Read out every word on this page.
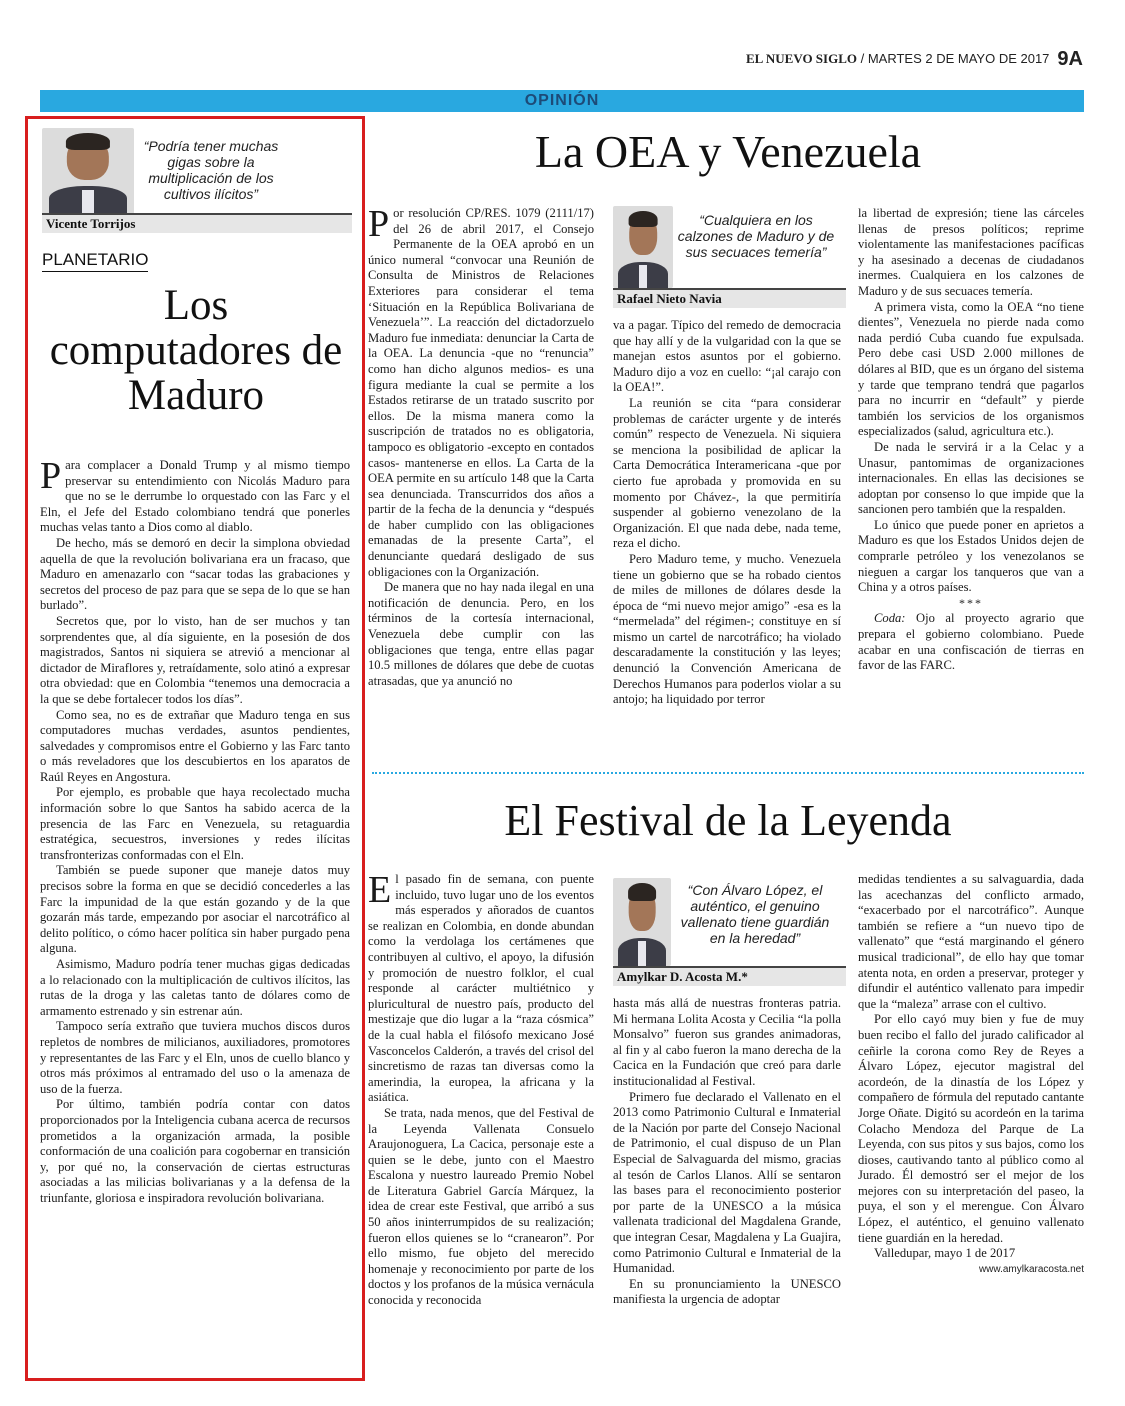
EL NUEVO SIGLO / MARTES 2 DE MAYO DE 2017 9A
OPINIÓN
“Podría tener muchas gigas sobre la multiplicación de los cultivos ilícitos”
Vicente Torrijos
PLANETARIO
Los computadores de Maduro

Para complacer a Donald Trump y al mismo tiempo preservar su entendimiento con Nicolás Maduro para que no se le derrumbe lo orquestado con las Farc y el Eln, el Jefe del Estado colombiano tendrá que ponerles muchas velas tanto a Dios como al diablo.

De hecho, más se demoró en decir la simplona obviedad aquella de que la revolución bolivariana era un fracaso, que Maduro en amenazarlo con “sacar todas las grabaciones y secretos del proceso de paz para que se sepa de lo que se han burlado”.

Secretos que, por lo visto, han de ser muchos y tan sorprendentes que, al día siguiente, en la posesión de dos magistrados, Santos ni siquiera se atrevió a mencionar al dictador de Miraflores y, retraídamente, solo atinó a expresar otra obviedad: que en Colombia “tenemos una democracia a la que se debe fortalecer todos los días”.

Como sea, no es de extrañar que Maduro tenga en sus computadores muchas verdades, asuntos pendientes, salvedades y compromisos entre el Gobierno y las Farc tanto o más reveladores que los descubiertos en los aparatos de Raúl Reyes en Angostura.

Por ejemplo, es probable que haya recolectado mucha información sobre lo que Santos ha sabido acerca de la presencia de las Farc en Venezuela, su retaguardia estratégica, secuestros, inversiones y redes ilícitas transfronterizas conformadas con el Eln.

También se puede suponer que maneje datos muy precisos sobre la forma en que se decidió concederles a las Farc la impunidad de la que están gozando y de la que gozarán más tarde, empezando por asociar el narcotráfico al delito político, o cómo hacer política sin haber purgado pena alguna.

Asimismo, Maduro podría tener muchas gigas dedicadas a lo relacionado con la multiplicación de cultivos ilícitos, las rutas de la droga y las caletas tanto de dólares como de armamento estrenado y sin estrenar aún.

Tampoco sería extraño que tuviera muchos discos duros repletos de nombres de milicianos, auxiliadores, promotores y representantes de las Farc y el Eln, unos de cuello blanco y otros más próximos al entramado del uso o la amenaza de uso de la fuerza.

Por último, también podría contar con datos proporcionados por la Inteligencia cubana acerca de recursos prometidos a la organización armada, la posible conformación de una coalición para cogobernar en transición y, por qué no, la conservación de ciertas estructuras asociadas a las milicias bolivarianas y a la defensa de la triunfante, gloriosa e inspiradora revolución bolivariana.

La OEA y Venezuela

Por resolución CP/RES. 1079 (2111/17) del 26 de abril 2017, el Consejo Permanente de la OEA aprobó en un único numeral “convocar una Reunión de Consulta de Ministros de Relaciones Exteriores para considerar el tema ‘Situación en la República Bolivariana de Venezuela’”. La reacción del dictadorzuelo Maduro fue inmediata: denunciar la Carta de la OEA. La denuncia -que no “renuncia” como han dicho algunos medios- es una figura mediante la cual se permite a los Estados retirarse de un tratado suscrito por ellos. De la misma manera como la suscripción de tratados no es obligatoria, tampoco es obligatorio -excepto en contados casos- mantenerse en ellos. La Carta de la OEA permite en su artículo 148 que la Carta sea denunciada. Transcurridos dos años a partir de la fecha de la denuncia y “después de haber cumplido con las obligaciones emanadas de la presente Carta”, el denunciante quedará desligado de sus obligaciones con la Organización.

De manera que no hay nada ilegal en una notificación de denuncia. Pero, en los términos de la cortesía internacional, Venezuela debe cumplir con las obligaciones que tenga, entre ellas pagar 10.5 millones de dólares que debe de cuotas atrasadas, que ya anunció no

“Cualquiera en los calzones de Maduro y de sus secuaces temería”
Rafael Nieto Navia

va a pagar. Típico del remedo de democracia que hay allí y de la vulgaridad con la que se manejan estos asuntos por el gobierno. Maduro dijo a voz en cuello: “¡al carajo con la OEA!”.

La reunión se cita “para considerar problemas de carácter urgente y de interés común” respecto de Venezuela. Ni siquiera se menciona la posibilidad de aplicar la Carta Democrática Interamericana -que por cierto fue aprobada y promovida en su momento por Chávez-, la que permitiría suspender al gobierno venezolano de la Organización. El que nada debe, nada teme, reza el dicho.

Pero Maduro teme, y mucho. Venezuela tiene un gobierno que se ha robado cientos de miles de millones de dólares desde la época de “mi nuevo mejor amigo” -esa es la “mermelada” del régimen-; constituye en sí mismo un cartel de narcotráfico; ha violado descaradamente la constitución y las leyes; denunció la Convención Americana de Derechos Humanos para poderlos violar a su antojo; ha liquidado por terror

la libertad de expresión; tiene las cárceles llenas de presos políticos; reprime violentamente las manifestaciones pacíficas y ha asesinado a decenas de ciudadanos inermes. Cualquiera en los calzones de Maduro y de sus secuaces temería.

A primera vista, como la OEA “no tiene dientes”, Venezuela no pierde nada como nada perdió Cuba cuando fue expulsada. Pero debe casi USD 2.000 millones de dólares al BID, que es un órgano del sistema y tarde que temprano tendrá que pagarlos para no incurrir en “default” y pierde también los servicios de los organismos especializados (salud, agricultura etc.).

De nada le servirá ir a la Celac y a Unasur, pantomimas de organizaciones internacionales. En ellas las decisiones se adoptan por consenso lo que impide que la sancionen pero también que la respalden.

Lo único que puede poner en aprietos a Maduro es que los Estados Unidos dejen de comprarle petróleo y los venezolanos se nieguen a cargar los tanqueros que van a China y a otros países.

***

Coda: Ojo al proyecto agrario que prepara el gobierno colombiano. Puede acabar en una confiscación de tierras en favor de las FARC.

El Festival de la Leyenda

El pasado fin de semana, con puente incluido, tuvo lugar uno de los eventos más esperados y añorados de cuantos se realizan en Colombia, en donde abundan como la verdolaga los certámenes que contribuyen al cultivo, el apoyo, la difusión y promoción de nuestro folklor, el cual responde al carácter multiétnico y pluricultural de nuestro país, producto del mestizaje que dio lugar a la “raza cósmica” de la cual habla el filósofo mexicano José Vasconcelos Calderón, a través del crisol del sincretismo de razas tan diversas como la amerindia, la europea, la africana y la asiática.

Se trata, nada menos, que del Festival de la Leyenda Vallenata Consuelo Araujonoguera, La Cacica, personaje este a quien se le debe, junto con el Maestro Escalona y nuestro laureado Premio Nobel de Literatura Gabriel García Márquez, la idea de crear este Festival, que arribó a sus 50 años ininterrumpidos de su realización; fueron ellos quienes se lo “cranearon”. Por ello mismo, fue objeto del merecido homenaje y reconocimiento por parte de los doctos y los profanos de la música vernácula conocida y reconocida

“Con Álvaro López, el auténtico, el genuino vallenato tiene guardián en la heredad”
Amylkar D. Acosta M.*

hasta más allá de nuestras fronteras patria. Mi hermana Lolita Acosta y Cecilia “la polla Monsalvo” fueron sus grandes animadoras, al fin y al cabo fueron la mano derecha de la Cacica en la Fundación que creó para darle institucionalidad al Festival.

Primero fue declarado el Vallenato en el 2013 como Patrimonio Cultural e Inmaterial de la Nación por parte del Consejo Nacional de Patrimonio, el cual dispuso de un Plan Especial de Salvaguarda del mismo, gracias al tesón de Carlos Llanos. Allí se sentaron las bases para el reconocimiento posterior por parte de la UNESCO a la música vallenata tradicional del Magdalena Grande, que integran Cesar, Magdalena y La Guajira, como Patrimonio Cultural e Inmaterial de la Humanidad.

En su pronunciamiento la UNESCO manifiesta la urgencia de adoptar

medidas tendientes a su salvaguardia, dada las acechanzas del conflicto armado, “exacerbado por el narcotráfico”. Aunque también se refiere a “un nuevo tipo de vallenato” que “está marginando el género musical tradicional”, de ello hay que tomar atenta nota, en orden a preservar, proteger y difundir el auténtico vallenato para impedir que la “maleza” arrase con el cultivo.

Por ello cayó muy bien y fue de muy buen recibo el fallo del jurado calificador al ceñirle la corona como Rey de Reyes a Álvaro López, ejecutor magistral del acordeón, de la dinastía de los López y compañero de fórmula del reputado cantante Jorge Oñate. Digitó su acordeón en la tarima Colacho Mendoza del Parque de La Leyenda, con sus pitos y sus bajos, como los dioses, cautivando tanto al público como al Jurado. Él demostró ser el mejor de los mejores con su interpretación del paseo, la puya, el son y el merengue. Con Álvaro López, el auténtico, el genuino vallenato tiene guardián en la heredad.

Valledupar, mayo 1 de 2017

www.amylkaracosta.net
